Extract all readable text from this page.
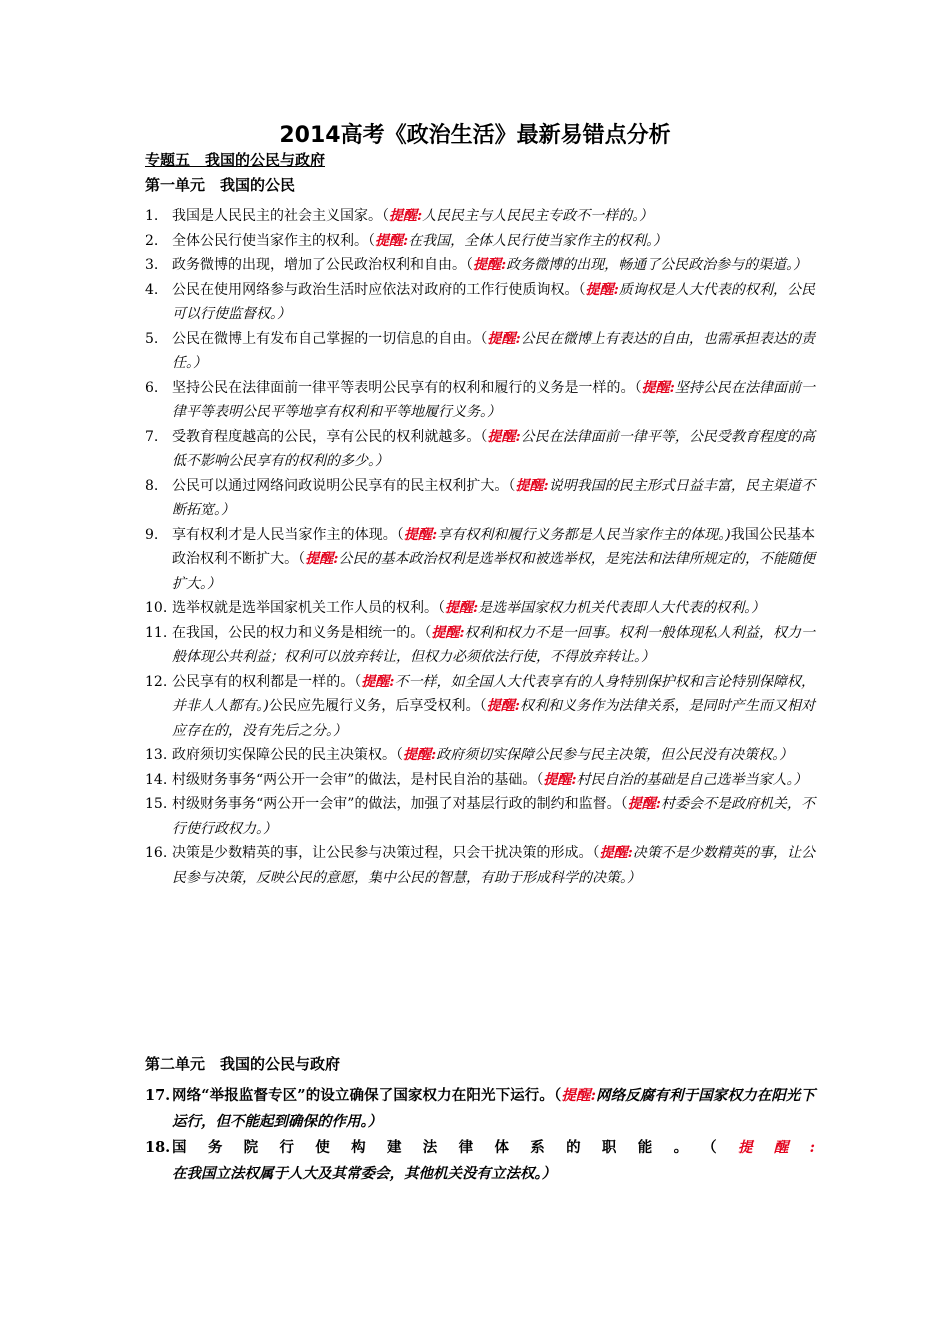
2014高考《政治生活》最新易错点分析
专题五　我国的公民与政府
第一单元　我国的公民

1. 我国是人民民主的社会主义国家。（提醒:人民民主与人民民主专政不一样的。）

2. 全体公民行使当家作主的权利。（提醒:在我国，全体人民行使当家作主的权利。）

3. 政务微博的出现，增加了公民政治权利和自由。（提醒:政务微博的出现，畅通了公民政治参与的渠道。）

4. 公民在使用网络参与政治生活时应依法对政府的工作行使质询权。（提醒:质询权是人大代表的权利，公民可以行使监督权。）

5. 公民在微博上有发布自己掌握的一切信息的自由。（提醒:公民在微博上有表达的自由，也需承担表达的责任。）

6. 坚持公民在法律面前一律平等表明公民享有的权利和履行的义务是一样的。（提醒:坚持公民在法律面前一律平等表明公民平等地享有权利和平等地履行义务。）

7. 受教育程度越高的公民，享有公民的权利就越多。（提醒:公民在法律面前一律平等，公民受教育程度的高低不影响公民享有的权利的多少。）

8. 公民可以通过网络问政说明公民享有的民主权利扩大。（提醒:说明我国的民主形式日益丰富，民主渠道不断拓宽。）

9. 享有权利才是人民当家作主的体现。（提醒:享有权利和履行义务都是人民当家作主的体现。)我国公民基本政治权利不断扩大。（提醒:公民的基本政治权利是选举权和被选举权，是宪法和法律所规定的，不能随便扩大。）

10. 选举权就是选举国家机关工作人员的权利。（提醒:是选举国家权力机关代表即人大代表的权利。）

11. 在我国，公民的权力和义务是相统一的。（提醒:权利和权力不是一回事。权利一般体现私人利益，权力一般体现公共利益；权利可以放弃转让，但权力必须依法行使，不得放弃转让。）

12. 公民享有的权利都是一样的。（提醒:不一样，如全国人大代表享有的人身特别保护权和言论特别保障权，并非人人都有。)公民应先履行义务，后享受权利。（提醒:权利和义务作为法律关系，是同时产生而又相对应存在的，没有先后之分。）

13. 政府须切实保障公民的民主决策权。（提醒:政府须切实保障公民参与民主决策，但公民没有决策权。）

14. 村级财务事务“两公开一会审”的做法，是村民自治的基础。（提醒:村民自治的基础是自己选举当家人。）

15. 村级财务事务“两公开一会审”的做法，加强了对基层行政的制约和监督。（提醒:村委会不是政府机关，不行使行政权力。）

16. 决策是少数精英的事，让公民参与决策过程，只会干扰决策的形成。（提醒:决策不是少数精英的事，让公民参与决策，反映公民的意愿，集中公民的智慧，有助于形成科学的决策。）

第二单元　我国的公民与政府

17. 网络“举报监督专区”的设立确保了国家权力在阳光下运行。（提醒:网络反腐有利于国家权力在阳光下运行，但不能起到确保的作用。）

18. 国务院行使构建法律体系的职能。（提醒:在我国立法权属于人大及其常委会，其他机关没有立法权。）
